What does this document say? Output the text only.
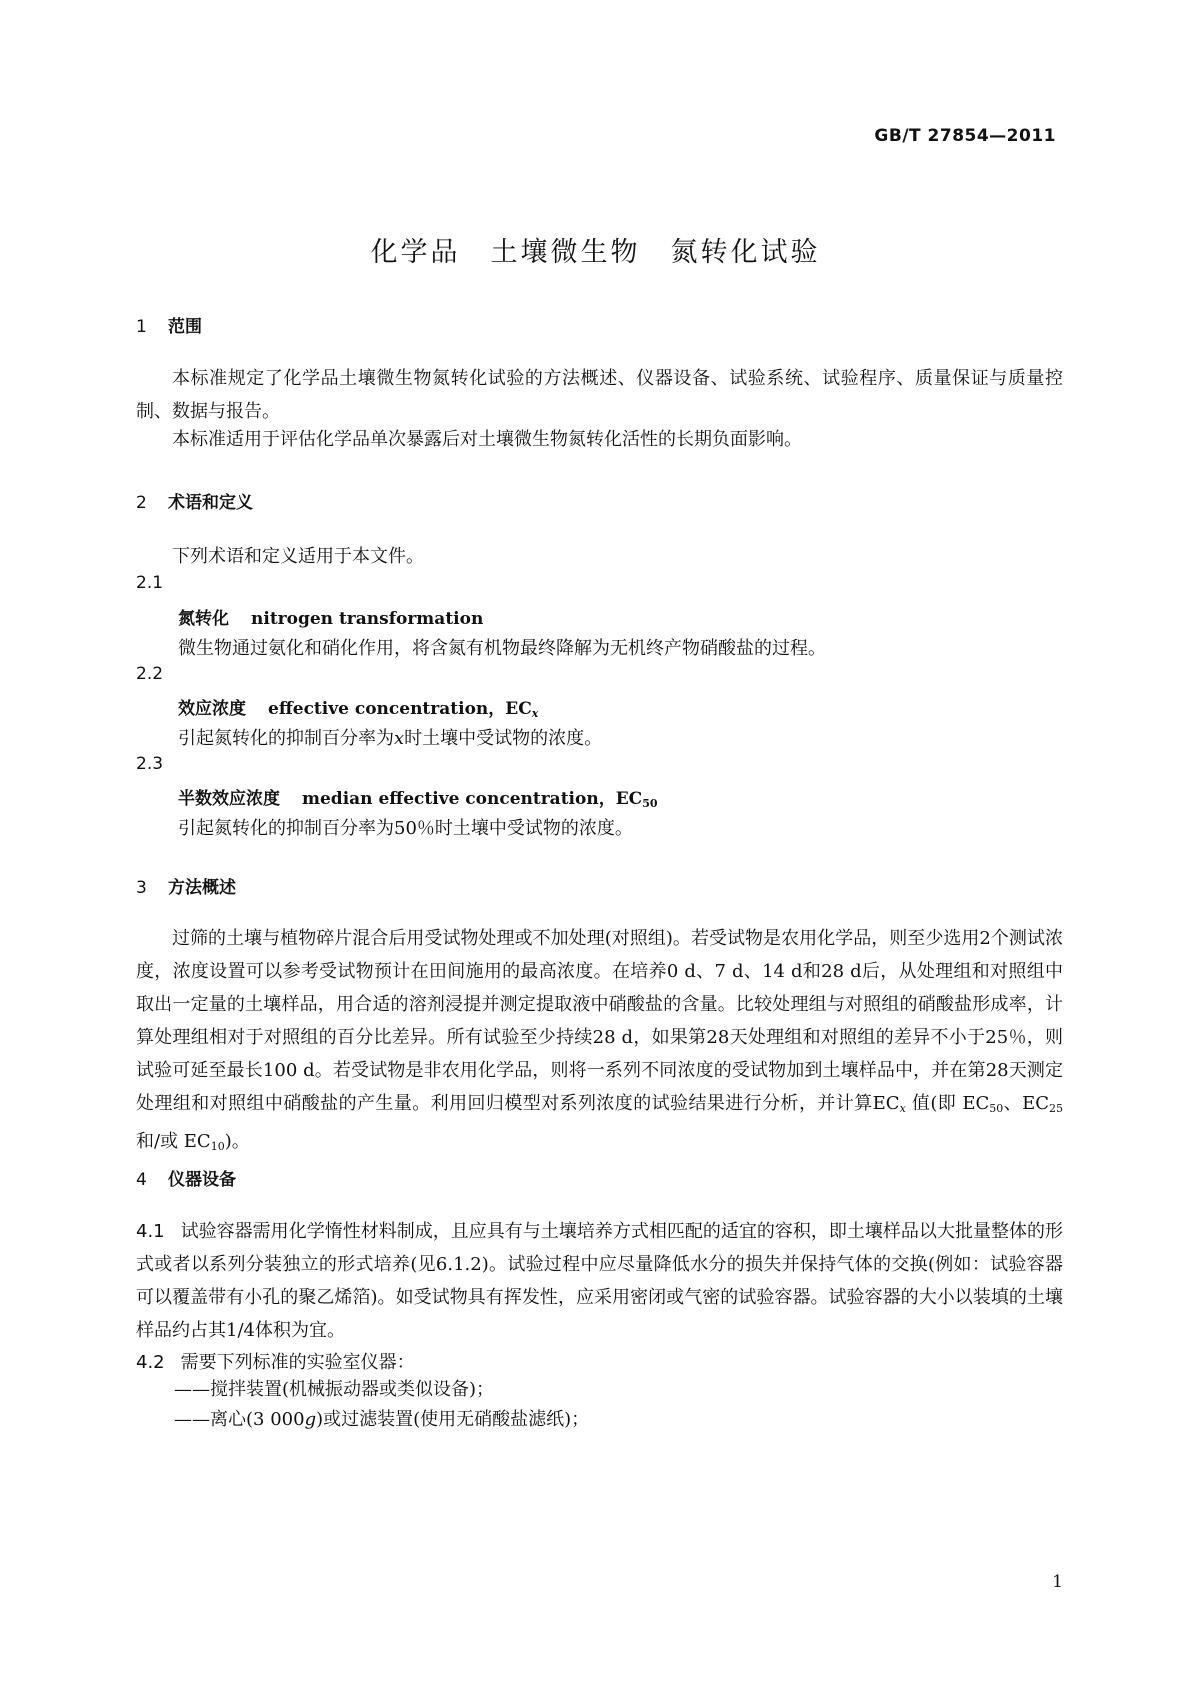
GB/T 27854—2011
化学品　土壤微生物　氮转化试验
1 范围

本标准规定了化学品土壤微生物氮转化试验的方法概述、仪器设备、试验系统、试验程序、质量保证与质量控制、数据与报告。

本标准适用于评估化学品单次暴露后对土壤微生物氮转化活性的长期负面影响。

2 术语和定义

下列术语和定义适用于本文件。

2.1
氮转化 nitrogen transformation
微生物通过氨化和硝化作用，将含氮有机物最终降解为无机终产物硝酸盐的过程。
2.2
效应浓度 effective concentration，$EC_x$
引起氮转化的抑制百分率为x时土壤中受试物的浓度。
2.3
半数效应浓度 median effective concentration，$EC_{50}$
引起氮转化的抑制百分率为50％时土壤中受试物的浓度。
3 方法概述

过筛的土壤与植物碎片混合后用受试物处理或不加处理(对照组)。若受试物是农用化学品，则至少选用2个测试浓度，浓度设置可以参考受试物预计在田间施用的最高浓度。在培养0 d、7 d、14 d和28 d后，从处理组和对照组中取出一定量的土壤样品，用合适的溶剂浸提并测定提取液中硝酸盐的含量。比较处理组与对照组的硝酸盐形成率，计算处理组相对于对照组的百分比差异。所有试验至少持续28 d，如果第28天处理组和对照组的差异不小于25％，则试验可延至最长100 d。若受试物是非农用化学品，则将一系列不同浓度的受试物加到土壤样品中，并在第28天测定处理组和对照组中硝酸盐的产生量。利用回归模型对系列浓度的试验结果进行分析，并计算$EC_x$ 值(即 $EC_{50}$、$EC_{25}$和/或 $EC_{10}$)。

4 仪器设备

4.1 试验容器需用化学惰性材料制成，且应具有与土壤培养方式相匹配的适宜的容积，即土壤样品以大批量整体的形式或者以系列分装独立的形式培养(见6.1.2)。试验过程中应尽量降低水分的损失并保持气体的交换(例如：试验容器可以覆盖带有小孔的聚乙烯箔)。如受试物具有挥发性，应采用密闭或气密的试验容器。试验容器的大小以装填的土壤样品约占其1/4体积为宜。

4.2 需要下列标准的实验室仪器：

——搅拌装置(机械振动器或类似设备)；
——离心(3 000g)或过滤装置(使用无硝酸盐滤纸)；
1
